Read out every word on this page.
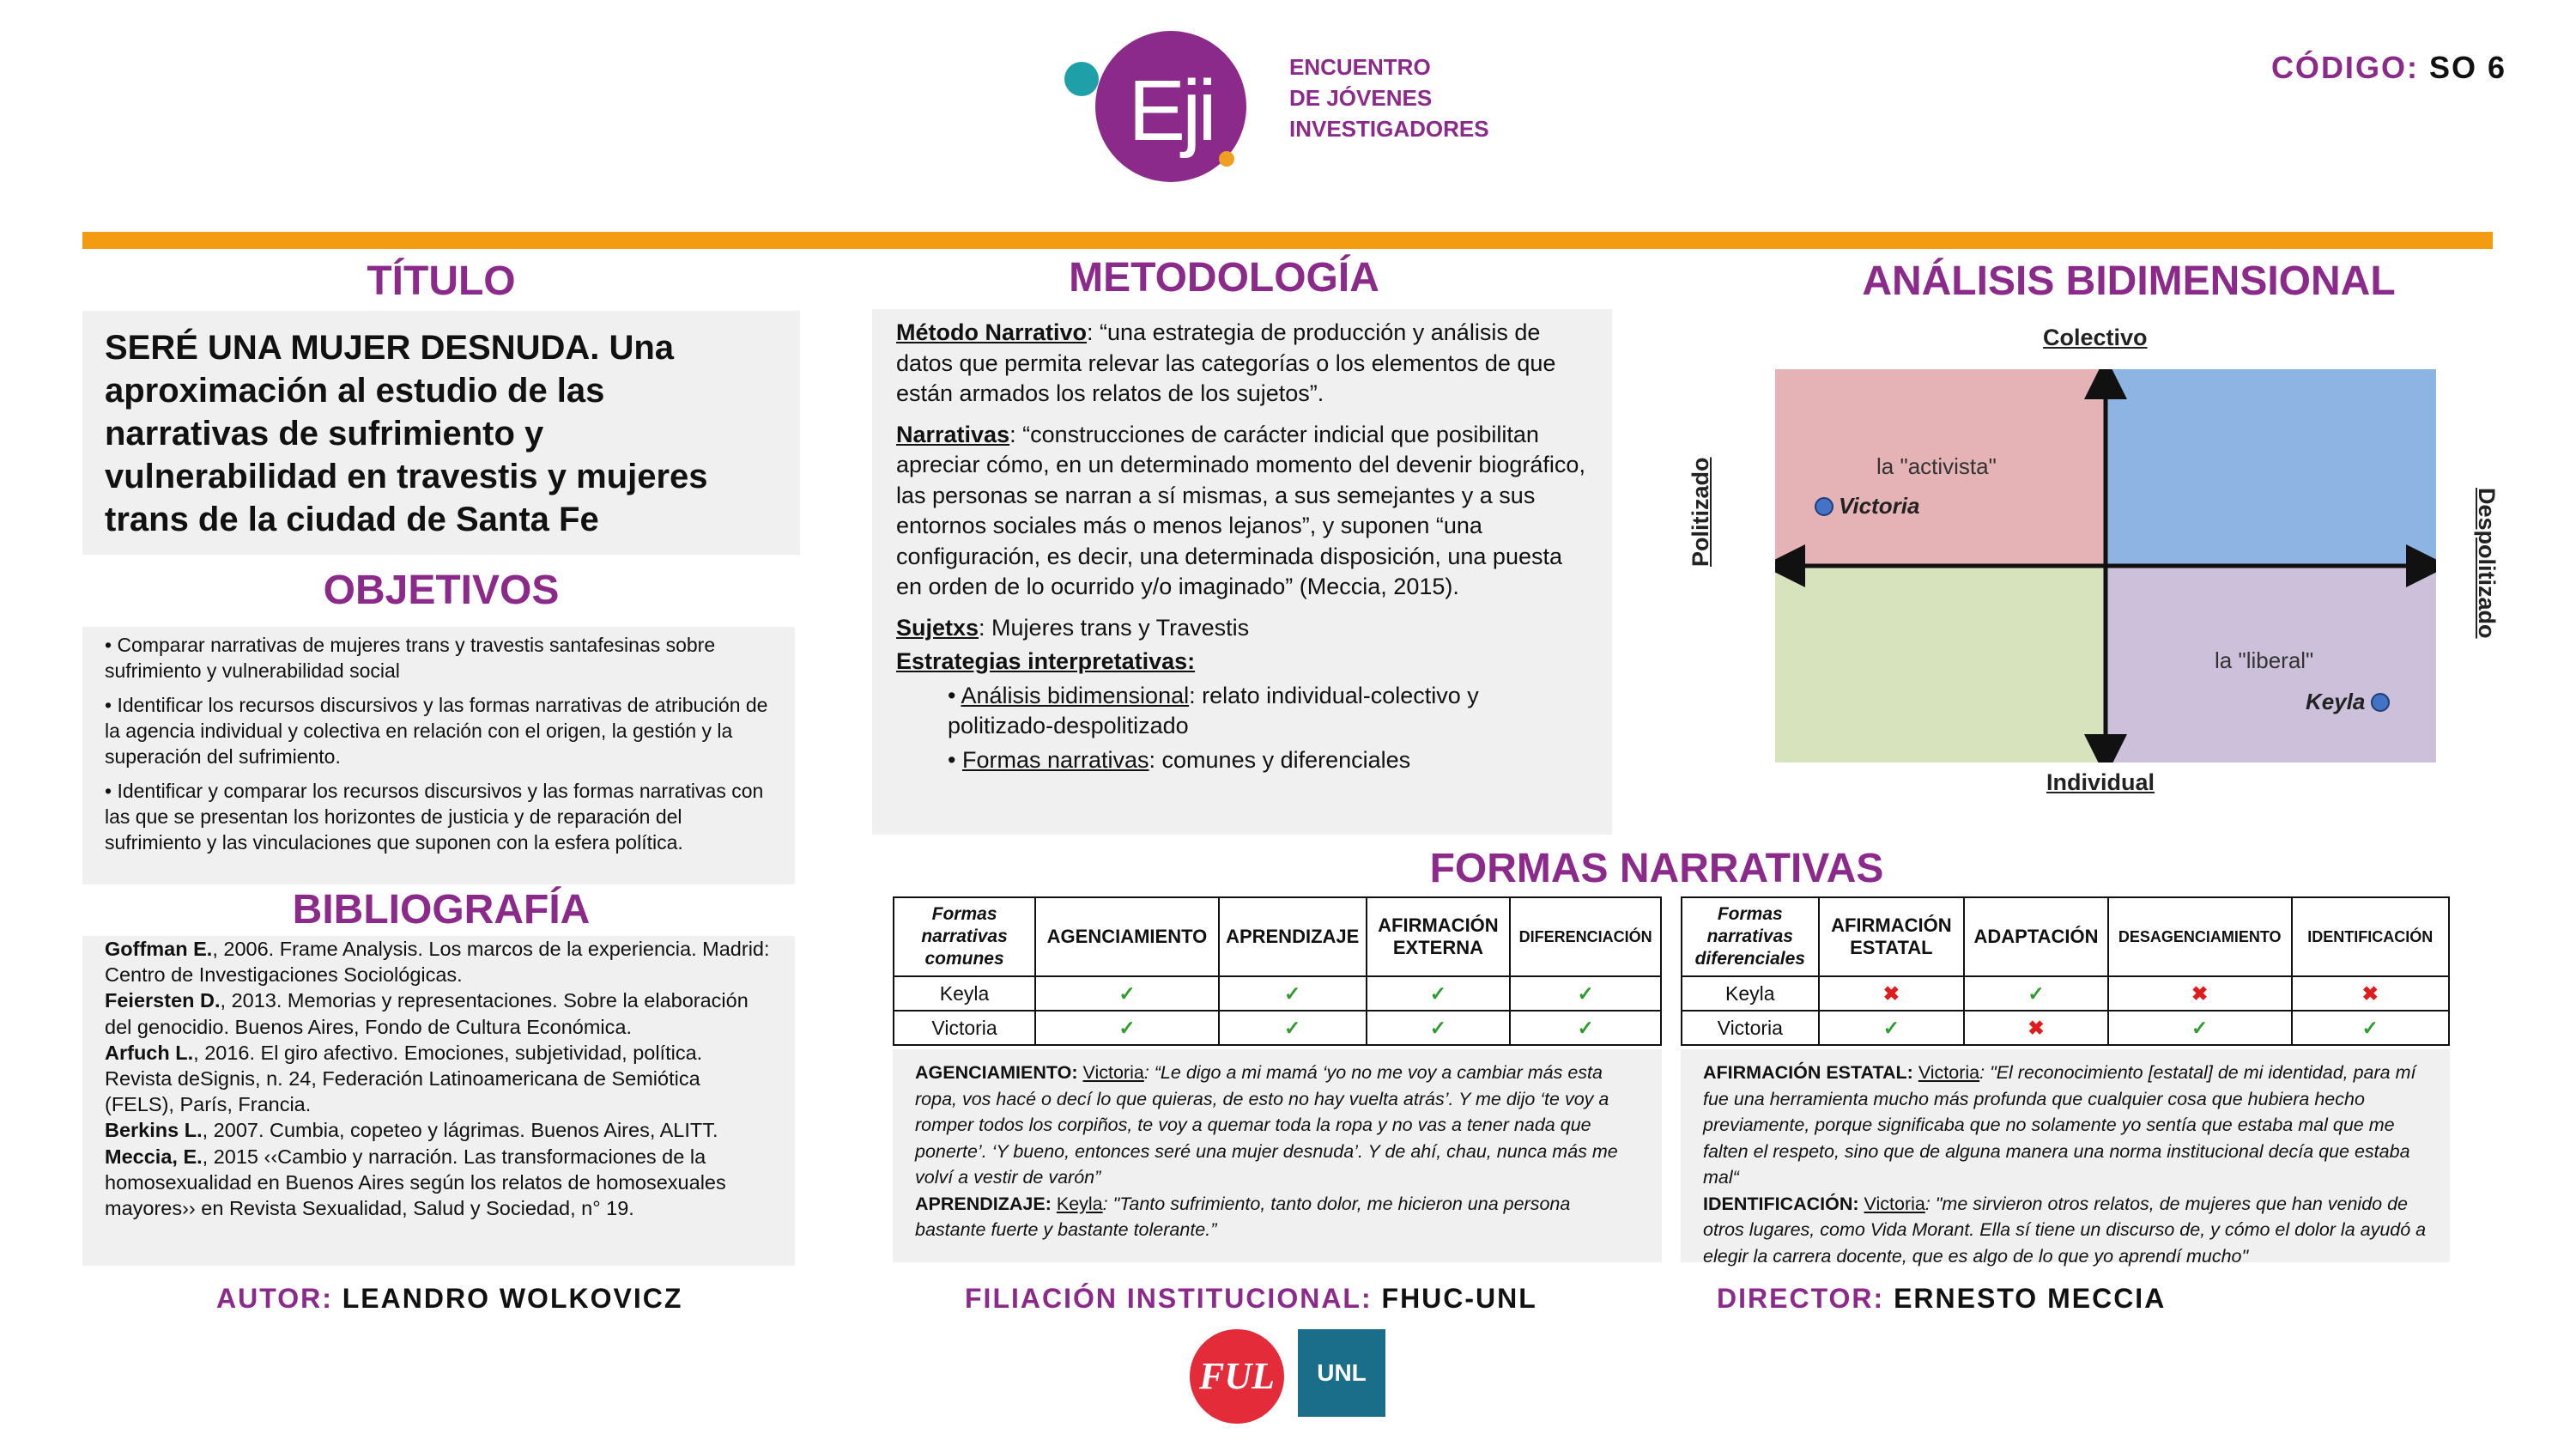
Eji	ENCUENTRO
DE JÓVENES
INVESTIGADORES
CÓDIGO: SO 6
TÍTULO
SERÉ UNA MUJER DESNUDA. Una aproximación al estudio de las narrativas de sufrimiento y vulnerabilidad en travestis y mujeres trans de la ciudad de Santa Fe
OBJETIVOS

• Comparar narrativas de mujeres trans y travestis santafesinas sobre sufrimiento y vulnerabilidad social

• Identificar los recursos discursivos y las formas narrativas de atribución de la agencia individual y colectiva en relación con el origen, la gestión y la superación del sufrimiento.

• Identificar y comparar los recursos discursivos y las formas narrativas con las que se presentan los horizontes de justicia y de reparación del sufrimiento y las vinculaciones que suponen con la esfera política.

BIBLIOGRAFÍA
Goffman E., 2006. Frame Analysis. Los marcos de la experiencia. Madrid: Centro de Investigaciones Sociológicas.
Feiersten D., 2013. Memorias y representaciones. Sobre la elaboración del genocidio. Buenos Aires, Fondo de Cultura Económica.
Arfuch L., 2016. El giro afectivo. Emociones, subjetividad, política. Revista deSignis, n. 24, Federación Latinoamericana de Semiótica (FELS), París, Francia.
Berkins L., 2007. Cumbia, copeteo y lágrimas. Buenos Aires, ALITT.
Meccia, E., 2015 ‹‹Cambio y narración. Las transformaciones de la homosexualidad en Buenos Aires según los relatos de homosexuales mayores›› en Revista Sexualidad, Salud y Sociedad, n° 19.
METODOLOGÍA

Método Narrativo: “una estrategia de producción y análisis de datos que permita relevar las categorías o los elementos de que están armados los relatos de los sujetos”.

Narrativas: “construcciones de carácter indicial que posibilitan apreciar cómo, en un determinado momento del devenir biográfico, las personas se narran a sí mismas, a sus semejantes y a sus entornos sociales más o menos lejanos”, y suponen “una configuración, es decir, una determinada disposición, una puesta en orden de lo ocurrido y/o imaginado” (Meccia, 2015).

Sujetxs: Mujeres trans y Travestis

Estrategias interpretativas:

• Análisis bidimensional: relato individual-colectivo y politizado-despolitizado

• Formas narrativas: comunes y diferenciales

ANÁLISIS BIDIMENSIONAL
Colectivo
Individual
Politizado	Despolitizado
la "activista"
Victoria
la "liberal"
Keyla
FORMAS NARRATIVAS
Formas
narrativas
comunes	AGENCIAMIENTO	APRENDIZAJE	AFIRMACIÓN EXTERNA	DIFERENCIACIÓN
Keyla	✓	✓	✓	✓
Victoria	✓	✓	✓	✓
Formas
narrativas
diferenciales	AFIRMACIÓN ESTATAL	ADAPTACIÓN	DESAGENCIAMIENTO	IDENTIFICACIÓN
Keyla	✖	✓	✖	✖
Victoria	✓	✖	✓	✓
AGENCIAMIENTO: Victoria: “Le digo a mi mamá ‘yo no me voy a cambiar más esta ropa, vos hacé o decí lo que quieras, de esto no hay vuelta atrás’. Y me dijo ‘te voy a romper todos los corpiños, te voy a quemar toda la ropa y no vas a tener nada que ponerte’. ‘Y bueno, entonces seré una mujer desnuda’. Y de ahí, chau, nunca más me volví a vestir de varón”
APRENDIZAJE: Keyla: "Tanto sufrimiento, tanto dolor, me hicieron una persona bastante fuerte y bastante tolerante.”
AFIRMACIÓN ESTATAL: Victoria: "El reconocimiento [estatal] de mi identidad, para mí fue una herramienta mucho más profunda que cualquier cosa que hubiera hecho previamente, porque significaba que no solamente yo sentía que estaba mal que me falten el respeto, sino que de alguna manera una norma institucional decía que estaba mal“
IDENTIFICACIÓN: Victoria: "me sirvieron otros relatos, de mujeres que han venido de otros lugares, como Vida Morant. Ella sí tiene un discurso de, y cómo el dolor la ayudó a elegir la carrera docente, que es algo de lo que yo aprendí mucho"
AUTOR: LEANDRO WOLKOVICZ	FILIACIÓN INSTITUCIONAL: FHUC-UNL	DIRECTOR: ERNESTO MECCIA
FUL	UNL
